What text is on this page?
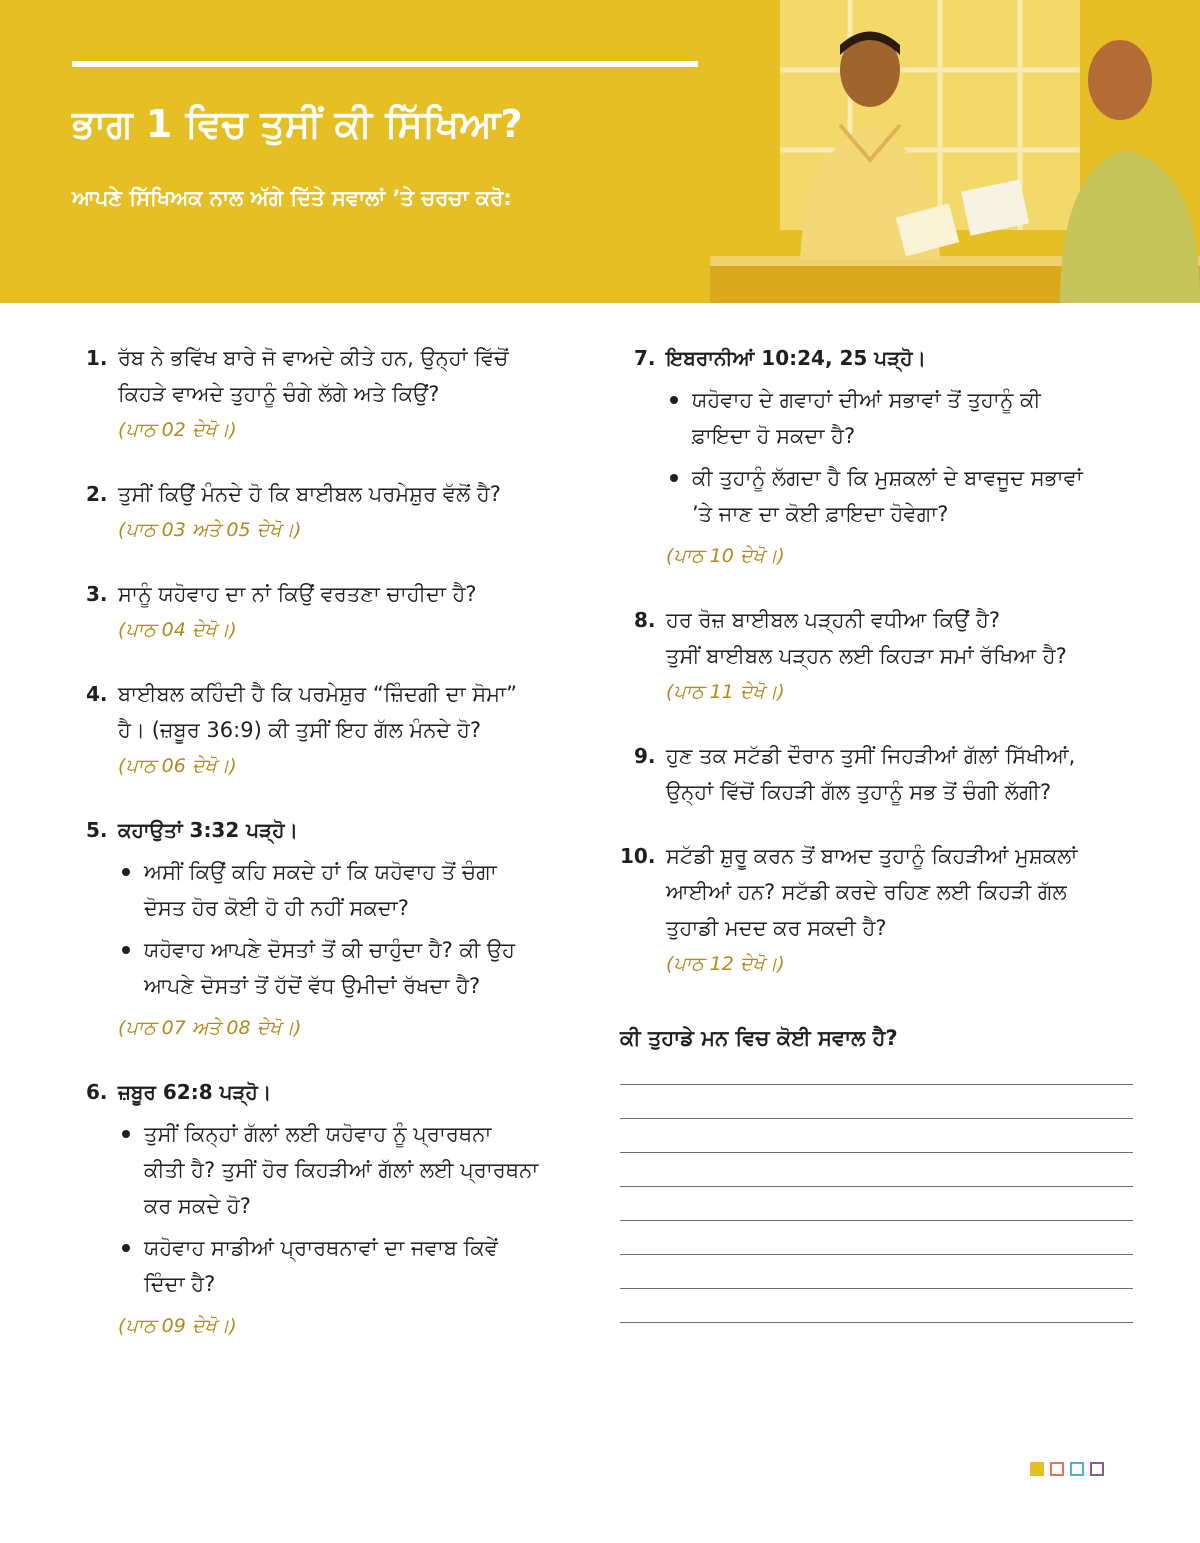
ਭਾਗ 1 ਵਿਚ ਤੁਸੀਂ ਕੀ ਸਿੱਖਿਆ?

ਆਪਣੇ ਸਿੱਖਿਅਕ ਨਾਲ ਅੱਗੇ ਦਿੱਤੇ ਸਵਾਲਾਂ ’ਤੇ ਚਰਚਾ ਕਰੋ:

1. ਰੱਬ ਨੇ ਭਵਿੱਖ ਬਾਰੇ ਜੋ ਵਾਅਦੇ ਕੀਤੇ ਹਨ, ਉਨ੍ਹਾਂ ਵਿੱਚੋਂ
ਕਿਹੜੇ ਵਾਅਦੇ ਤੁਹਾਨੂੰ ਚੰਗੇ ਲੱਗੇ ਅਤੇ ਕਿਉਂ?

(ਪਾਠ 02 ਦੇਖੋ।)

2. ਤੁਸੀਂ ਕਿਉਂ ਮੰਨਦੇ ਹੋ ਕਿ ਬਾਈਬਲ ਪਰਮੇਸ਼ੁਰ ਵੱਲੋਂ ਹੈ?

(ਪਾਠ 03 ਅਤੇ 05 ਦੇਖੋ।)

3. ਸਾਨੂੰ ਯਹੋਵਾਹ ਦਾ ਨਾਂ ਕਿਉਂ ਵਰਤਣਾ ਚਾਹੀਦਾ ਹੈ?

(ਪਾਠ 04 ਦੇਖੋ।)

4. ਬਾਈਬਲ ਕਹਿੰਦੀ ਹੈ ਕਿ ਪਰਮੇਸ਼ੁਰ “ਜ਼ਿੰਦਗੀ ਦਾ ਸੋਮਾ”
ਹੈ। (ਜ਼ਬੂਰ 36:9) ਕੀ ਤੁਸੀਂ ਇਹ ਗੱਲ ਮੰਨਦੇ ਹੋ?

(ਪਾਠ 06 ਦੇਖੋ।)

5. ਕਹਾਉਤਾਂ 3:32 ਪੜ੍ਹੋ।

ਅਸੀਂ ਕਿਉਂ ਕਹਿ ਸਕਦੇ ਹਾਂ ਕਿ ਯਹੋਵਾਹ ਤੋਂ ਚੰਗਾ
ਦੋਸਤ ਹੋਰ ਕੋਈ ਹੋ ਹੀ ਨਹੀਂ ਸਕਦਾ?
ਯਹੋਵਾਹ ਆਪਣੇ ਦੋਸਤਾਂ ਤੋਂ ਕੀ ਚਾਹੁੰਦਾ ਹੈ? ਕੀ ਉਹ
ਆਪਣੇ ਦੋਸਤਾਂ ਤੋਂ ਹੱਦੋਂ ਵੱਧ ਉਮੀਦਾਂ ਰੱਖਦਾ ਹੈ?

(ਪਾਠ 07 ਅਤੇ 08 ਦੇਖੋ।)

6. ਜ਼ਬੂਰ 62:8 ਪੜ੍ਹੋ।

ਤੁਸੀਂ ਕਿਨ੍ਹਾਂ ਗੱਲਾਂ ਲਈ ਯਹੋਵਾਹ ਨੂੰ ਪ੍ਰਾਰਥਨਾ
ਕੀਤੀ ਹੈ? ਤੁਸੀਂ ਹੋਰ ਕਿਹੜੀਆਂ ਗੱਲਾਂ ਲਈ ਪ੍ਰਾਰਥਨਾ
ਕਰ ਸਕਦੇ ਹੋ?
ਯਹੋਵਾਹ ਸਾਡੀਆਂ ਪ੍ਰਾਰਥਨਾਵਾਂ ਦਾ ਜਵਾਬ ਕਿਵੇਂ
ਦਿੰਦਾ ਹੈ?

(ਪਾਠ 09 ਦੇਖੋ।)

7. ਇਬਰਾਨੀਆਂ 10:24, 25 ਪੜ੍ਹੋ।

ਯਹੋਵਾਹ ਦੇ ਗਵਾਹਾਂ ਦੀਆਂ ਸਭਾਵਾਂ ਤੋਂ ਤੁਹਾਨੂੰ ਕੀ
ਫ਼ਾਇਦਾ ਹੋ ਸਕਦਾ ਹੈ?
ਕੀ ਤੁਹਾਨੂੰ ਲੱਗਦਾ ਹੈ ਕਿ ਮੁਸ਼ਕਲਾਂ ਦੇ ਬਾਵਜੂਦ ਸਭਾਵਾਂ
’ਤੇ ਜਾਣ ਦਾ ਕੋਈ ਫ਼ਾਇਦਾ ਹੋਵੇਗਾ?

(ਪਾਠ 10 ਦੇਖੋ।)

8. ਹਰ ਰੋਜ਼ ਬਾਈਬਲ ਪੜ੍ਹਨੀ ਵਧੀਆ ਕਿਉਂ ਹੈ?
ਤੁਸੀਂ ਬਾਈਬਲ ਪੜ੍ਹਨ ਲਈ ਕਿਹੜਾ ਸਮਾਂ ਰੱਖਿਆ ਹੈ?

(ਪਾਠ 11 ਦੇਖੋ।)

9. ਹੁਣ ਤਕ ਸਟੱਡੀ ਦੌਰਾਨ ਤੁਸੀਂ ਜਿਹੜੀਆਂ ਗੱਲਾਂ ਸਿੱਖੀਆਂ,
ਉਨ੍ਹਾਂ ਵਿੱਚੋਂ ਕਿਹੜੀ ਗੱਲ ਤੁਹਾਨੂੰ ਸਭ ਤੋਂ ਚੰਗੀ ਲੱਗੀ?

10. ਸਟੱਡੀ ਸ਼ੁਰੂ ਕਰਨ ਤੋਂ ਬਾਅਦ ਤੁਹਾਨੂੰ ਕਿਹੜੀਆਂ ਮੁਸ਼ਕਲਾਂ
ਆਈਆਂ ਹਨ? ਸਟੱਡੀ ਕਰਦੇ ਰਹਿਣ ਲਈ ਕਿਹੜੀ ਗੱਲ
ਤੁਹਾਡੀ ਮਦਦ ਕਰ ਸਕਦੀ ਹੈ?

(ਪਾਠ 12 ਦੇਖੋ।)

ਕੀ ਤੁਹਾਡੇ ਮਨ ਵਿਚ ਕੋਈ ਸਵਾਲ ਹੈ?
